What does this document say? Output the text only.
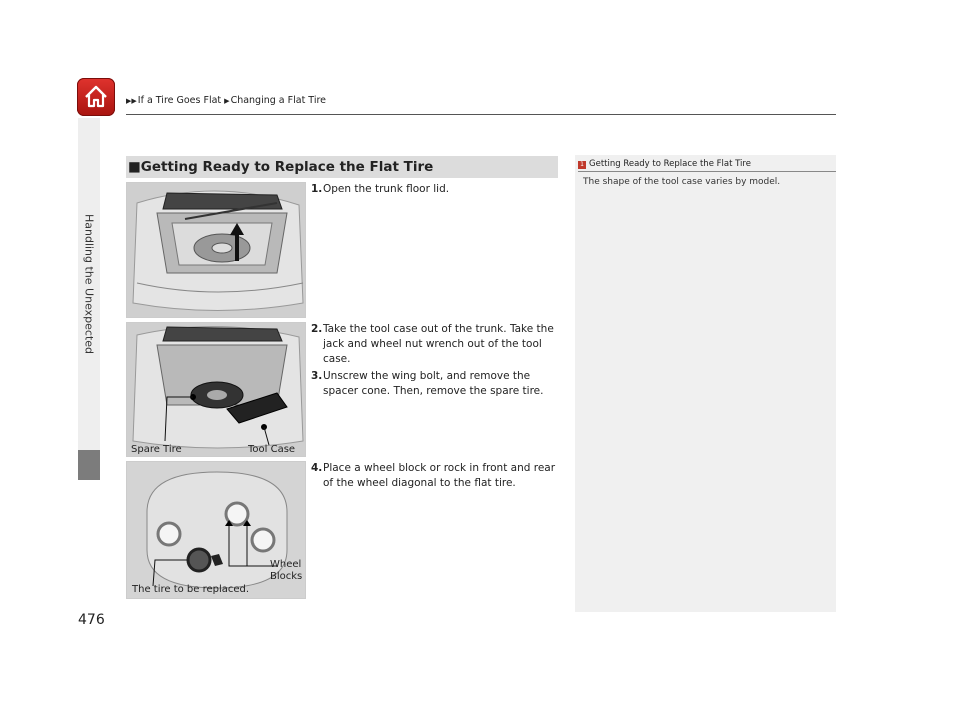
▶▶If a Tire Goes Flat ▶Changing a Flat Tire
Handling the Unexpected
476
■Getting Ready to Replace the Flat Tire
Spare Tire	Tool Case
Wheel
Blocks
The tire to be replaced.
1. Open the trunk floor lid.
2. Take the tool case out of the trunk. Take the jack and wheel nut wrench out of the tool case.
3. Unscrew the wing bolt, and remove the spacer cone. Then, remove the spare tire.
4. Place a wheel block or rock in front and rear of the wheel diagonal to the flat tire.
1 Getting Ready to Replace the Flat Tire
The shape of the tool case varies by model.
